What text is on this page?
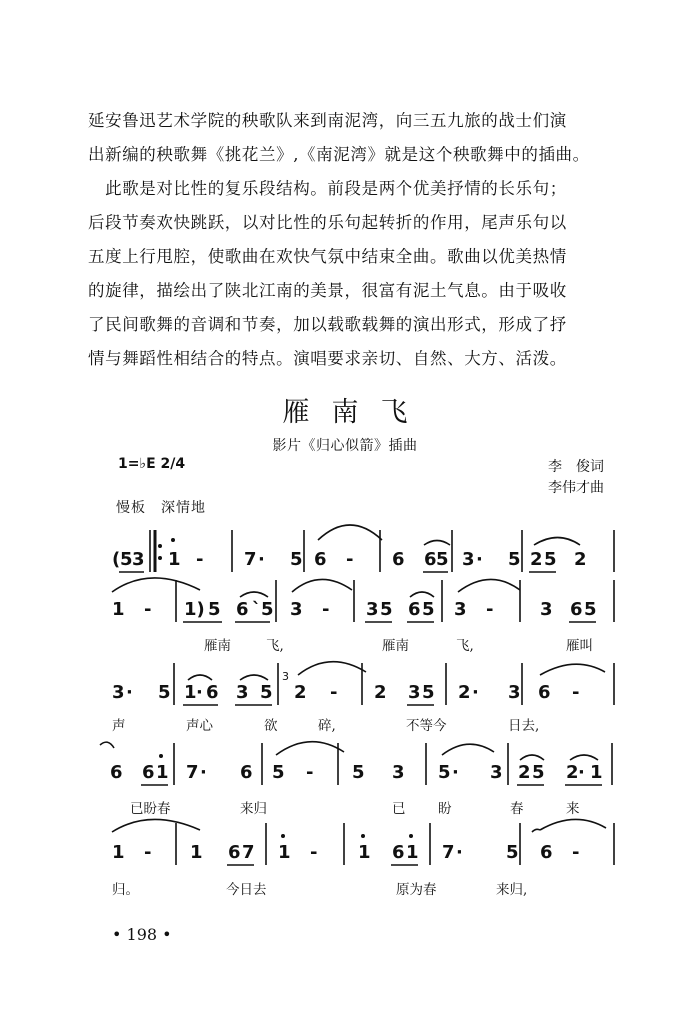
延安鲁迅艺术学院的秧歌队来到南泥湾，向三五九旅的战士们演

出新编的秧歌舞《挑花兰》,《南泥湾》就是这个秧歌舞中的插曲。

　此歌是对比性的复乐段结构。前段是两个优美抒情的长乐句；

后段节奏欢快跳跃，以对比性的乐句起转折的作用，尾声乐句以

五度上行甩腔，使歌曲在欢快气氛中结束全曲。歌曲以优美热情

的旋律，描绘出了陕北江南的美景，很富有泥土气息。由于吸收

了民间歌舞的音调和节奏，加以载歌载舞的演出形式，形成了抒

情与舞蹈性相结合的特点。演唱要求亲切、自然、大方、活泼。

雁南飞
影片《归心似箭》插曲
1=♭E 2/4	李　俊词
李伟才曲
慢板　深情地
( 5 3 1 - 7 · 5 6 - 6 6 5 3 · 5 2 5 2
1 - 1) 5 6 `5 3 - 3 5 6 5 3 -	3 6 5
3 · 5 1 · 6 3 5
3
2 - 2 3 5 2 · 3 6 -
6 6 1 7 · 6 5 - 5 3 5 · 3 2 5 2 · 1
1 - 1 6 7 1 - 1 6 1 7 · 5 6 -
雁南	飞,	雁南	飞,	雁叫
声	声心	欲	碎,	不等今	日去,
已盼春	来归	已 盼	春	来
归。	今日去	原为春	来归,
• 198 •
